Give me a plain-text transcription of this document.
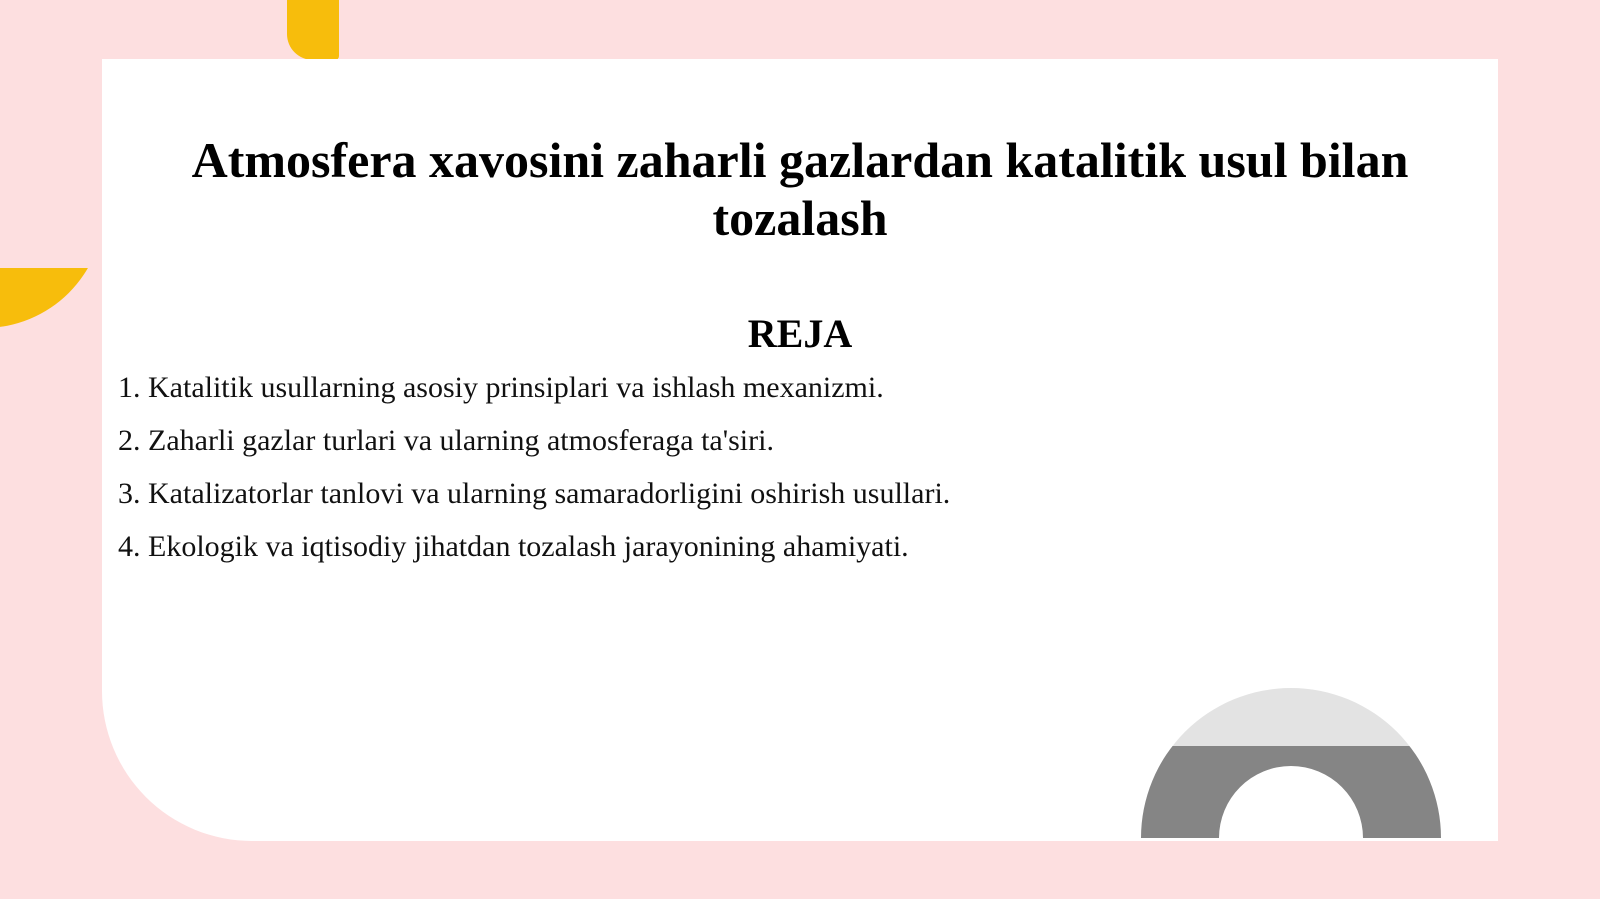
Atmosfera xavosini zaharli gazlardan katalitik usul bilan tozalash
REJA
1. Katalitik usullarning asosiy prinsiplari va ishlash mexanizmi.
2. Zaharli gazlar turlari va ularning atmosferaga ta'siri.
3. Katalizatorlar tanlovi va ularning samaradorligini oshirish usullari.
4. Ekologik va iqtisodiy jihatdan tozalash jarayonining ahamiyati.
